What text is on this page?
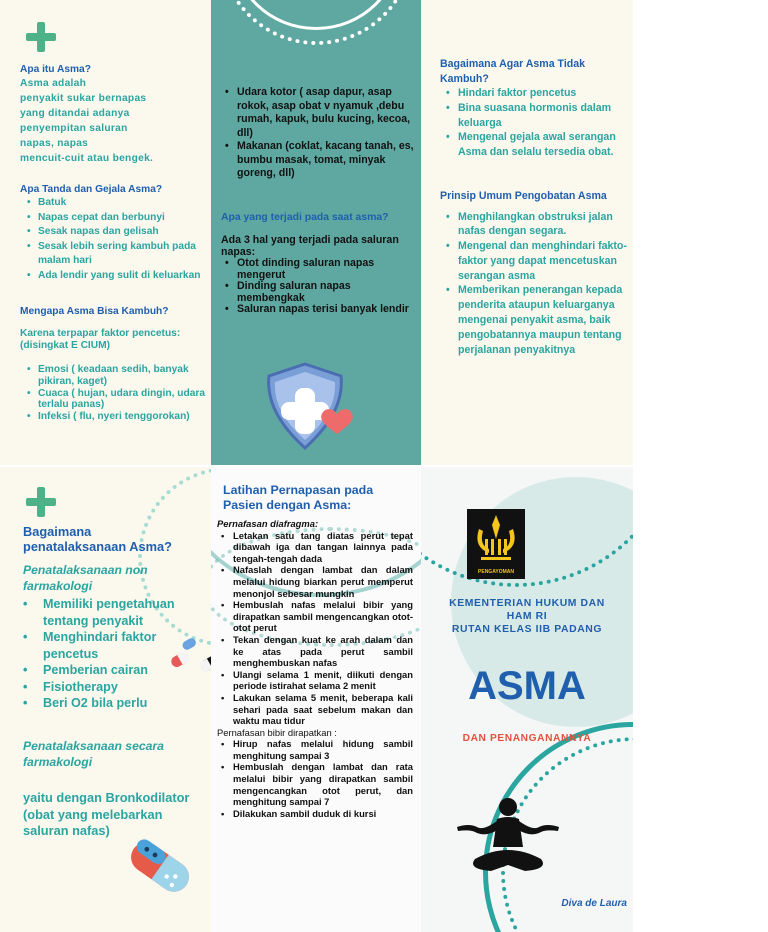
Apa itu Asma?
Asma adalah
penyakit sukar bernapas
yang ditandai adanya
penyempitan saluran
napas, napas
mencuit-cuit atau bengek.
Apa Tanda dan Gejala Asma?
• Batuk
• Napas cepat dan berbunyi
• Sesak napas dan gelisah
• Sesak lebih sering kambuh pada malam hari
• Ada lendir yang sulit di keluarkan
Mengapa Asma Bisa Kambuh?
Karena terpapar faktor pencetus: (disingkat E CIUM)
• Emosi ( keadaan sedih, banyak pikiran, kaget)
• Cuaca ( hujan, udara dingin, udara terlalu panas)
• Infeksi ( flu, nyeri tenggorokan)
• Udara kotor ( asap dapur, asap rokok, asap obat v nyamuk ,debu rumah, kapuk, bulu kucing, kecoa, dll)
• Makanan (coklat, kacang tanah, es, bumbu masak, tomat, minyak goreng, dll)
Apa yang terjadi pada saat asma?
Ada 3 hal yang terjadi pada saluran napas:
• Otot dinding saluran napas mengerut
• Dinding saluran napas membengkak
• Saluran napas terisi banyak lendir
Bagaimana Agar Asma Tidak Kambuh?
• Hindari faktor pencetus
• Bina suasana hormonis dalam keluarga
• Mengenal gejala awal serangan Asma dan selalu tersedia obat.
Prinsip Umum Pengobatan Asma
• Menghilangkan obstruksi jalan nafas dengan segara.
• Mengenal dan menghindari fakto-faktor yang dapat mencetuskan serangan asma
• Memberikan penerangan kepada penderita ataupun keluarganya mengenai penyakit asma, baik pengobatannya maupun tentang perjalanan penyakitnya
Bagaimana penatalaksanaan Asma?
Penatalaksanaan non farmakologi
• Memiliki pengetahuan tentang penyakit
• Menghindari faktor pencetus
• Pemberian cairan
• Fisiotherapy
• Beri O2 bila perlu
Penatalaksanaan secara farmakologi
yaitu dengan Bronkodilator (obat yang melebarkan saluran nafas)
Latihan Pernapasan pada Pasien dengan Asma:
Pernafasan diafragma:
• Letakan satu tang diatas perut tepat dibawah iga dan tangan lainnya pada tengah-tengah dada
• Nafaslah dengan lambat dan dalam melalui hidung biarkan perut memperut menonjol sebesar mungkin
• Hembuslah nafas melalui bibir yang dirapatkan sambil mengencangkan otot-otot perut
• Tekan dengan kuat ke arah dalam dan ke atas pada perut sambil menghembuskan nafas
• Ulangi selama 1 menit, diikuti dengan periode istirahat selama 2 menit
• Lakukan selama 5 menit, beberapa kali sehari pada saat sebelum makan dan waktu mau tidur
Pernafasan bibir dirapatkan :
• Hirup nafas melalui hidung sambil menghitung sampai 3
• Hembuslah dengan lambat dan rata melalui bibir yang dirapatkan sambil mengencangkan otot perut, dan menghitung sampai 7
• Dilakukan sambil duduk di kursi
PENGAYOMAN
KEMENTERIAN HUKUM DAN
HAM RI
RUTAN KELAS IIB PADANG
ASMA
DAN PENANGANANNYA
Diva de Laura
